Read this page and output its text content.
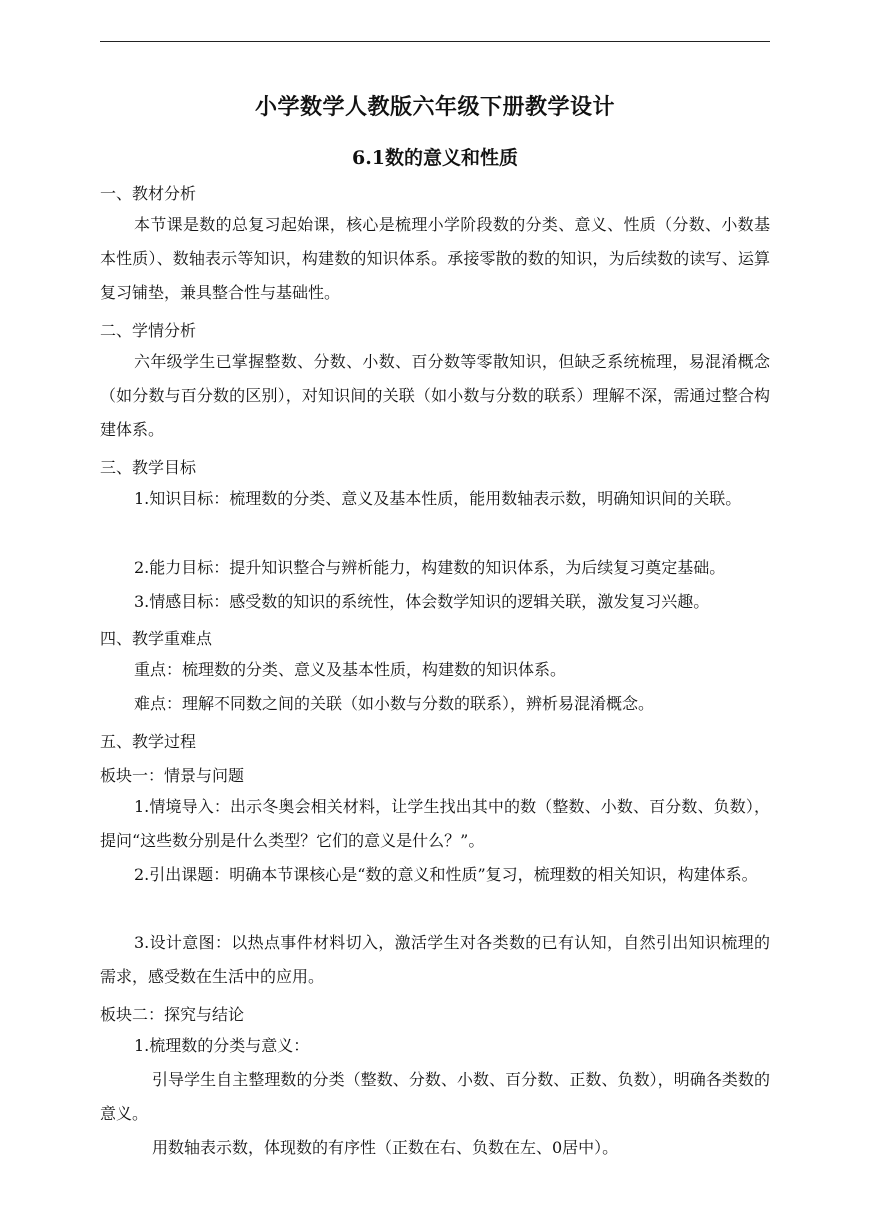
小学数学人教版六年级下册教学设计
6.1数的意义和性质
一、教材分析
本节课是数的总复习起始课，核心是梳理小学阶段数的分类、意义、性质（分数、小数基本性质）、数轴表示等知识，构建数的知识体系。承接零散的数的知识，为后续数的读写、运算复习铺垫，兼具整合性与基础性。
二、学情分析
六年级学生已掌握整数、分数、小数、百分数等零散知识，但缺乏系统梳理，易混淆概念（如分数与百分数的区别），对知识间的关联（如小数与分数的联系）理解不深，需通过整合构建体系。
三、教学目标
1.知识目标：梳理数的分类、意义及基本性质，能用数轴表示数，明确知识间的关联。
2.能力目标：提升知识整合与辨析能力，构建数的知识体系，为后续复习奠定基础。
3.情感目标：感受数的知识的系统性，体会数学知识的逻辑关联，激发复习兴趣。
四、教学重难点
重点：梳理数的分类、意义及基本性质，构建数的知识体系。
难点：理解不同数之间的关联（如小数与分数的联系），辨析易混淆概念。
五、教学过程
板块一：情景与问题
1.情境导入：出示冬奥会相关材料，让学生找出其中的数（整数、小数、百分数、负数），提问“这些数分别是什么类型？它们的意义是什么？”。
2.引出课题：明确本节课核心是“数的意义和性质”复习，梳理数的相关知识，构建体系。
3.设计意图：以热点事件材料切入，激活学生对各类数的已有认知，自然引出知识梳理的需求，感受数在生活中的应用。
板块二：探究与结论
1.梳理数的分类与意义：
引导学生自主整理数的分类（整数、分数、小数、百分数、正数、负数），明确各类数的意义。
用数轴表示数，体现数的有序性（正数在右、负数在左、0居中）。
